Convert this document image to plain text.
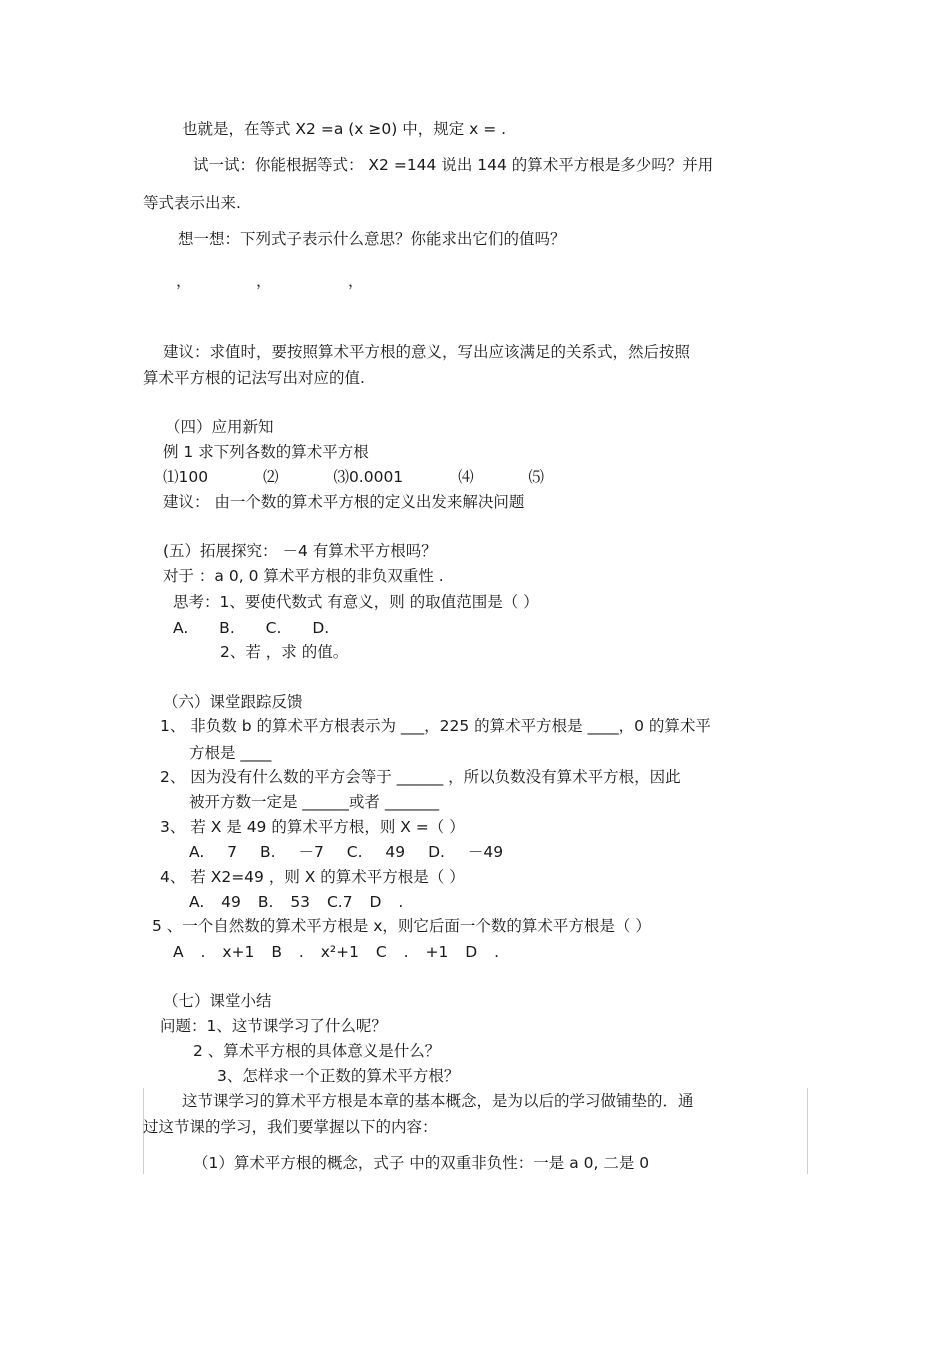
也就是，在等式 X2 =a (x ≥0) 中，规定 x = .
试一试：你能根据等式： X2 =144 说出 144 的算术平方根是多少吗？并用
等式表示出来.
想一想：下列式子表示什么意思？你能求出它们的值吗？
，	，	，
建议：求值时，要按照算术平方根的意义，写出应该满足的关系式，然后按照
算术平方根的记法写出对应的值.
（四）应用新知
例 1 求下列各数的算术平方根
⑴100 ⑵ ⑶0.0001 ⑷ ⑸
建议： 由一个数的算术平方根的定义出发来解决问题
(五）拓展探究： －4 有算术平方根吗？
对于 ：a 0, 0 算术平方根的非负双重性 .
思考：1、要使代数式 有意义，则 的取值范围是（ ）
A. B. C. D.
2、若 ，求 的值。
（六）课堂跟踪反馈
1、 非负数 b 的算术平方根表示为 ___，225 的算术平方根是 ____，0 的算术平
方根是 ____
2、 因为没有什么数的平方会等于 ______ ，所以负数没有算术平方根，因此
被开方数一定是 ______或者 _______
3、 若 X 是 49 的算术平方根，则 X =（ ）
A. 7 B. －7 C. 49 D. －49
4、 若 X2=49 ，则 X 的算术平方根是（ ）
A. 49 B. 53 C.7 D .
5 、一个自然数的算术平方根是 x，则它后面一个数的算术平方根是（ ）
A . x+1 B . x²+1 C . +1 D .
（七）课堂小结
问题：1、这节课学习了什么呢？
2 、算术平方根的具体意义是什么？
3、怎样求一个正数的算术平方根？
这节课学习的算术平方根是本章的基本概念，是为以后的学习做铺垫的．通
过这节课的学习，我们要掌握以下的内容：
（1）算术平方根的概念，式子 中的双重非负性：一是 a 0, 二是 0
